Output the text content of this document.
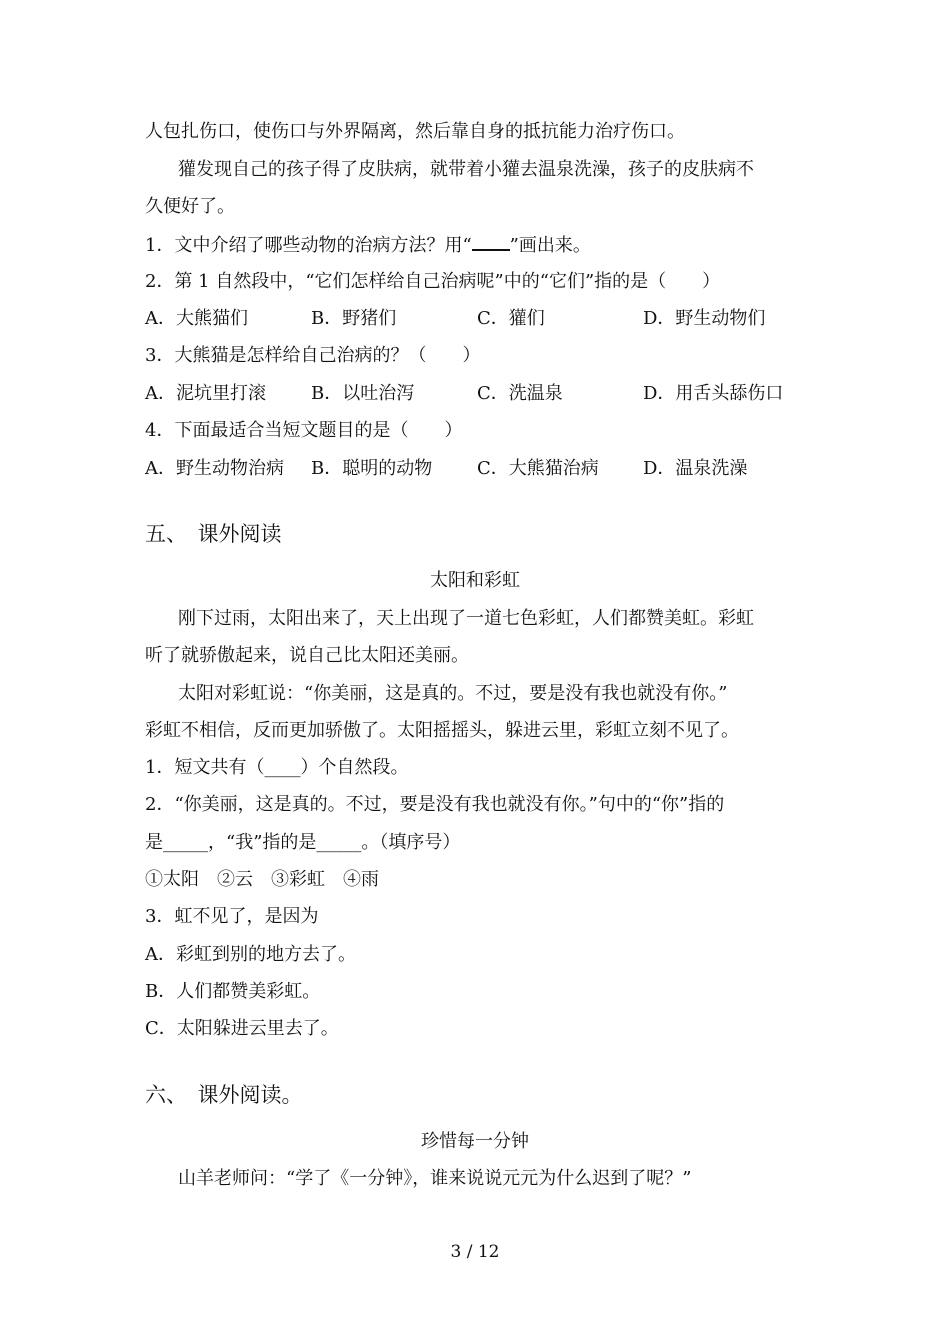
人包扎伤口，使伤口与外界隔离，然后靠自身的抵抗能力治疗伤口。
獾发现自己的孩子得了皮肤病，就带着小獾去温泉洗澡，孩子的皮肤病不
久便好了。
1．文中介绍了哪些动物的治病方法？用“ ”画出来。
2．第 1 自然段中，“它们怎样给自己治病呢”中的“它们”指的是（　　）
A．大熊猫们	B．野猪们	C．獾们	D．野生动物们
3．大熊猫是怎样给自己治病的？（　　）
A．泥坑里打滚	B．以吐治泻	C．洗温泉	D．用舌头舔伤口
4．下面最适合当短文题目的是（　　）
A．野生动物治病	B．聪明的动物	C．大熊猫治病	D．温泉洗澡
五、　课外阅读
太阳和彩虹
刚下过雨，太阳出来了，天上出现了一道七色彩虹，人们都赞美虹。彩虹
听了就骄傲起来，说自己比太阳还美丽。
太阳对彩虹说：“你美丽，这是真的。不过，要是没有我也就没有你。”
彩虹不相信，反而更加骄傲了。太阳摇摇头，躲进云里，彩虹立刻不见了。
1．短文共有（____）个自然段。
2．“你美丽，这是真的。不过，要是没有我也就没有你。”句中的“你”指的
是_____，“我”指的是_____。（填序号）
①太阳　②云　③彩虹　④雨
3．虹不见了，是因为
A．彩虹到别的地方去了。
B．人们都赞美彩虹。
C．太阳躲进云里去了。
六、　课外阅读。
珍惜每一分钟
山羊老师问：“学了《一分钟》，谁来说说元元为什么迟到了呢？”
3 / 12
